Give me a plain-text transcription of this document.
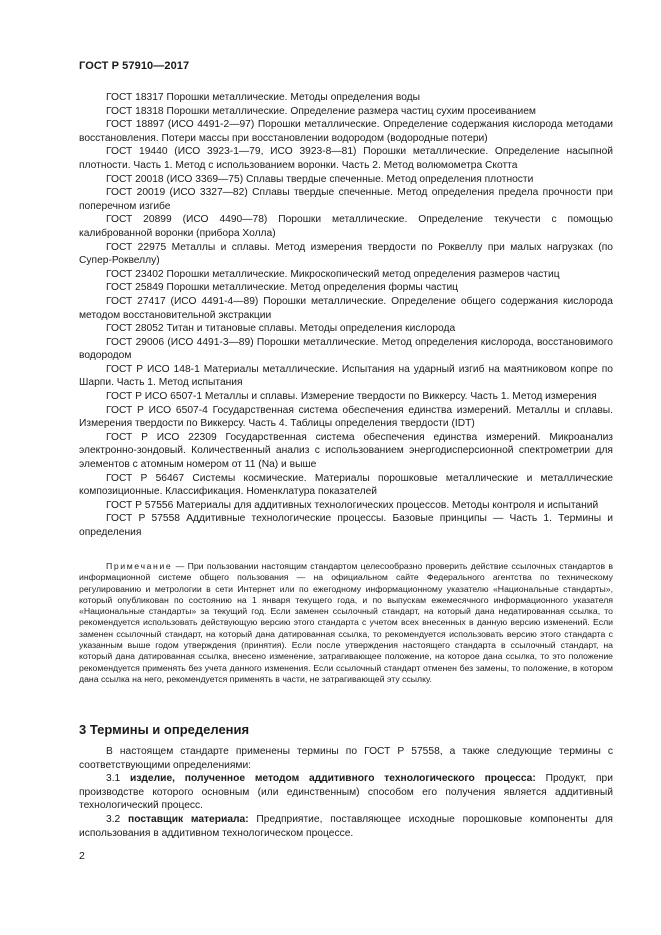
ГОСТ Р 57910—2017

ГОСТ 18317 Порошки металлические. Методы определения воды

ГОСТ 18318 Порошки металлические. Определение размера частиц сухим просеиванием

ГОСТ 18897 (ИСО 4491-2—97) Порошки металлические. Определение содержания кислорода методами восстановления. Потери массы при восстановлении водородом (водородные потери)

ГОСТ 19440 (ИСО 3923-1—79, ИСО 3923-8—81) Порошки металлические. Определение насыпной плотности. Часть 1. Метод с использованием воронки. Часть 2. Метод волюмометра Скотта

ГОСТ 20018 (ИСО 3369—75) Сплавы твердые спеченные. Метод определения плотности

ГОСТ 20019 (ИСО 3327—82) Сплавы твердые спеченные. Метод определения предела прочности при поперечном изгибе

ГОСТ 20899 (ИСО 4490—78) Порошки металлические. Определение текучести с помощью калиброванной воронки (прибора Холла)

ГОСТ 22975 Металлы и сплавы. Метод измерения твердости по Роквеллу при малых нагрузках (по Супер-Роквеллу)

ГОСТ 23402 Порошки металлические. Микроскопический метод определения размеров частиц

ГОСТ 25849 Порошки металлические. Метод определения формы частиц

ГОСТ 27417 (ИСО 4491-4—89) Порошки металлические. Определение общего содержания кислорода методом восстановительной экстракции

ГОСТ 28052 Титан и титановые сплавы. Методы определения кислорода

ГОСТ 29006 (ИСО 4491-3—89) Порошки металлические. Метод определения кислорода, восстановимого водородом

ГОСТ Р ИСО 148-1 Материалы металлические. Испытания на ударный изгиб на маятниковом копре по Шарпи. Часть 1. Метод испытания

ГОСТ Р ИСО 6507-1 Металлы и сплавы. Измерение твердости по Виккерсу. Часть 1. Метод измерения

ГОСТ Р ИСО 6507-4 Государственная система обеспечения единства измерений. Металлы и сплавы. Измерения твердости по Виккерсу. Часть 4. Таблицы определения твердости (IDT)

ГОСТ Р ИСО 22309 Государственная система обеспечения единства измерений. Микроанализ электронно-зондовый. Количественный анализ с использованием энергодисперсионной спектрометрии для элементов с атомным номером от 11 (Na) и выше

ГОСТ Р 56467 Системы космические. Материалы порошковые металлические и металлические композиционные. Классификация. Номенклатура показателей

ГОСТ Р 57556 Материалы для аддитивных технологических процессов. Методы контроля и испытаний

ГОСТ Р 57558 Аддитивные технологические процессы. Базовые принципы — Часть 1. Термины и определения

Примечание — При пользовании настоящим стандартом целесообразно проверить действие ссылочных стандартов в информационной системе общего пользования — на официальном сайте Федерального агентства по техническому регулированию и метрологии в сети Интернет или по ежегодному информационному указателю «Национальные стандарты», который опубликован по состоянию на 1 января текущего года, и по выпускам ежемесячного информационного указателя «Национальные стандарты» за текущий год. Если заменен ссылочный стандарт, на который дана недатированная ссылка, то рекомендуется использовать действующую версию этого стандарта с учетом всех внесенных в данную версию изменений. Если заменен ссылочный стандарт, на который дана датированная ссылка, то рекомендуется использовать версию этого стандарта с указанным выше годом утверждения (принятия). Если после утверждения настоящего стандарта в ссылочный стандарт, на который дана датированная ссылка, внесено изменение, затрагивающее положение, на которое дана ссылка, то это положение рекомендуется применять без учета данного изменения. Если ссылочный стандарт отменен без замены, то положение, в котором дана ссылка на него, рекомендуется применять в части, не затрагивающей эту ссылку.

3 Термины и определения

В настоящем стандарте применены термины по ГОСТ Р 57558, а также следующие термины с соответствующими определениями:

3.1 изделие, полученное методом аддитивного технологического процесса: Продукт, при производстве которого основным (или единственным) способом его получения является аддитивный технологический процесс.

3.2 поставщик материала: Предприятие, поставляющее исходные порошковые компоненты для использования в аддитивном технологическом процессе.

2
